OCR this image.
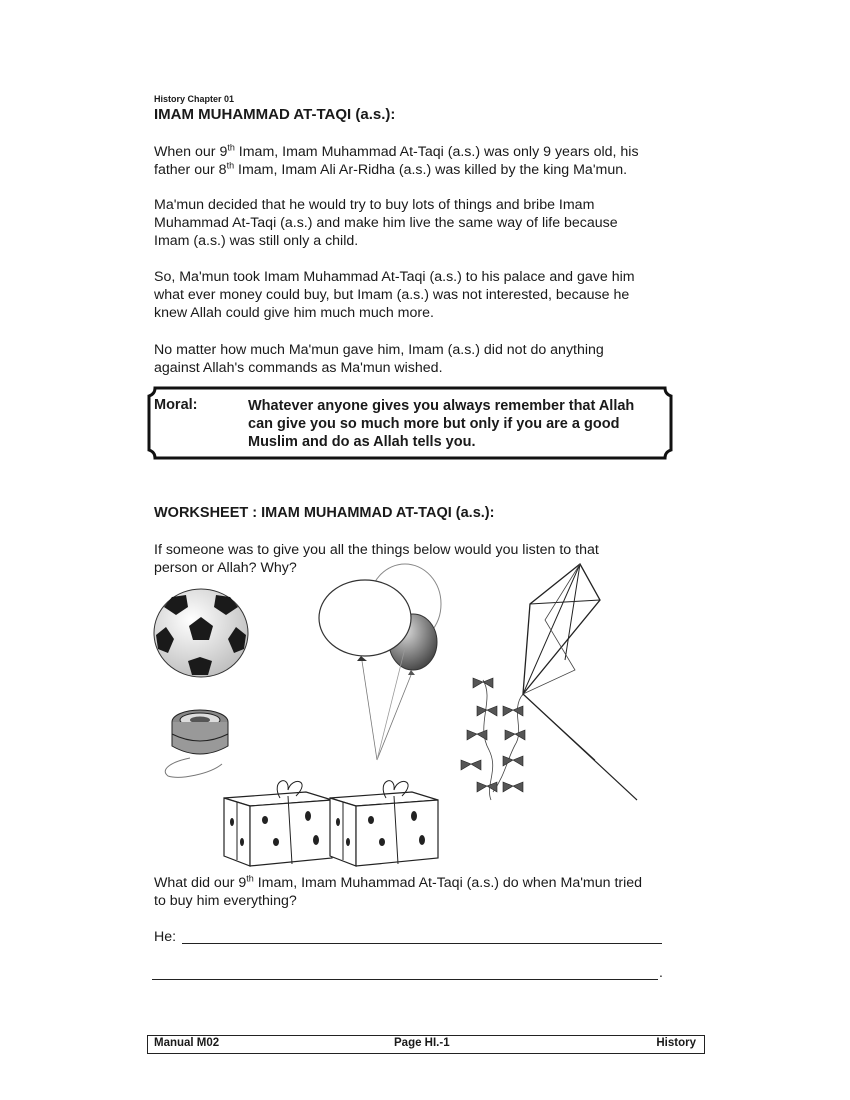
History Chapter 01
IMAM MUHAMMAD AT-TAQI (a.s.):
When our 9th Imam, Imam Muhammad At-Taqi (a.s.) was only 9 years old, his
father our 8th Imam, Imam Ali Ar-Ridha (a.s.) was killed by the king Ma'mun.
Ma'mun decided that he would try to buy lots of things and bribe Imam
Muhammad At-Taqi (a.s.) and make him live the same way of life because
Imam (a.s.) was still only a child.
So, Ma'mun took Imam Muhammad At-Taqi (a.s.) to his palace and gave him
what ever money could buy, but Imam (a.s.) was not interested, because he
knew Allah could give him much much more.
No matter how much Ma'mun gave him, Imam (a.s.) did not do anything
against Allah's commands as Ma'mun wished.
Moral:	Whatever anyone gives you always remember that Allah
can give you so much more but only if you are a good
Muslim and do as Allah tells you.
WORKSHEET : IMAM MUHAMMAD AT-TAQI (a.s.):
If someone was to give you all the things below would you listen to that
person or Allah? Why?
What did our 9th Imam, Imam Muhammad At-Taqi (a.s.) do when Ma'mun tried
to buy him everything?
He:
.
Manual M02	Page HI.-1	History
